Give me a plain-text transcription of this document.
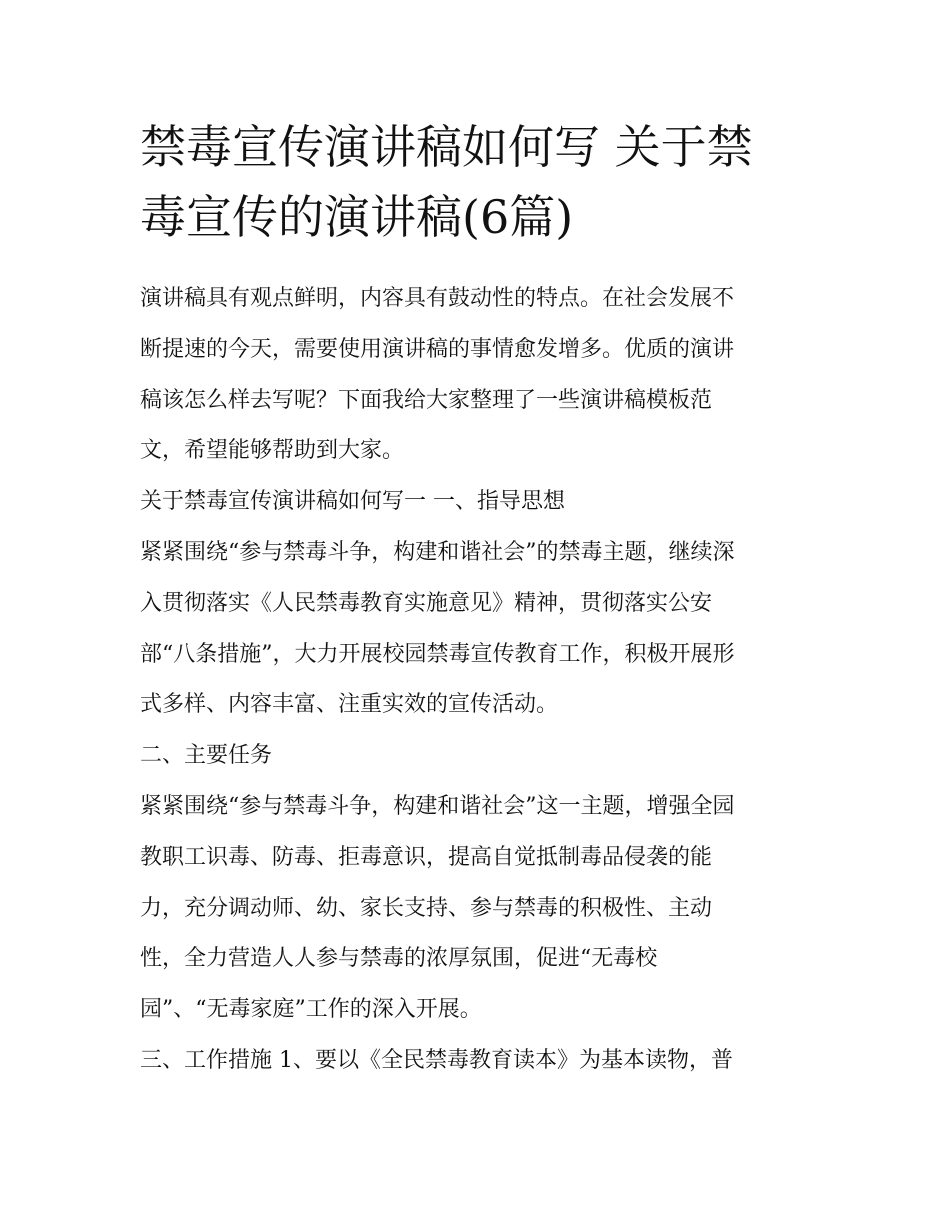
禁毒宣传演讲稿如何写 关于禁
毒宣传的演讲稿(6篇)

演讲稿具有观点鲜明，内容具有鼓动性的特点。在社会发展不
断提速的今天，需要使用演讲稿的事情愈发增多。优质的演讲
稿该怎么样去写呢？下面我给大家整理了一些演讲稿模板范
文，希望能够帮助到大家。

关于禁毒宣传演讲稿如何写一 一、指导思想

紧紧围绕“参与禁毒斗争，构建和谐社会”的禁毒主题，继续深
入贯彻落实《人民禁毒教育实施意见》精神，贯彻落实公安
部“八条措施”，大力开展校园禁毒宣传教育工作，积极开展形
式多样、内容丰富、注重实效的宣传活动。

二、主要任务

紧紧围绕“参与禁毒斗争，构建和谐社会”这一主题，增强全园
教职工识毒、防毒、拒毒意识，提高自觉抵制毒品侵袭的能
力，充分调动师、幼、家长支持、参与禁毒的积极性、主动
性，全力营造人人参与禁毒的浓厚氛围，促进“无毒校
园”、“无毒家庭”工作的深入开展。

三、工作措施 1、要以《全民禁毒教育读本》为基本读物，普
